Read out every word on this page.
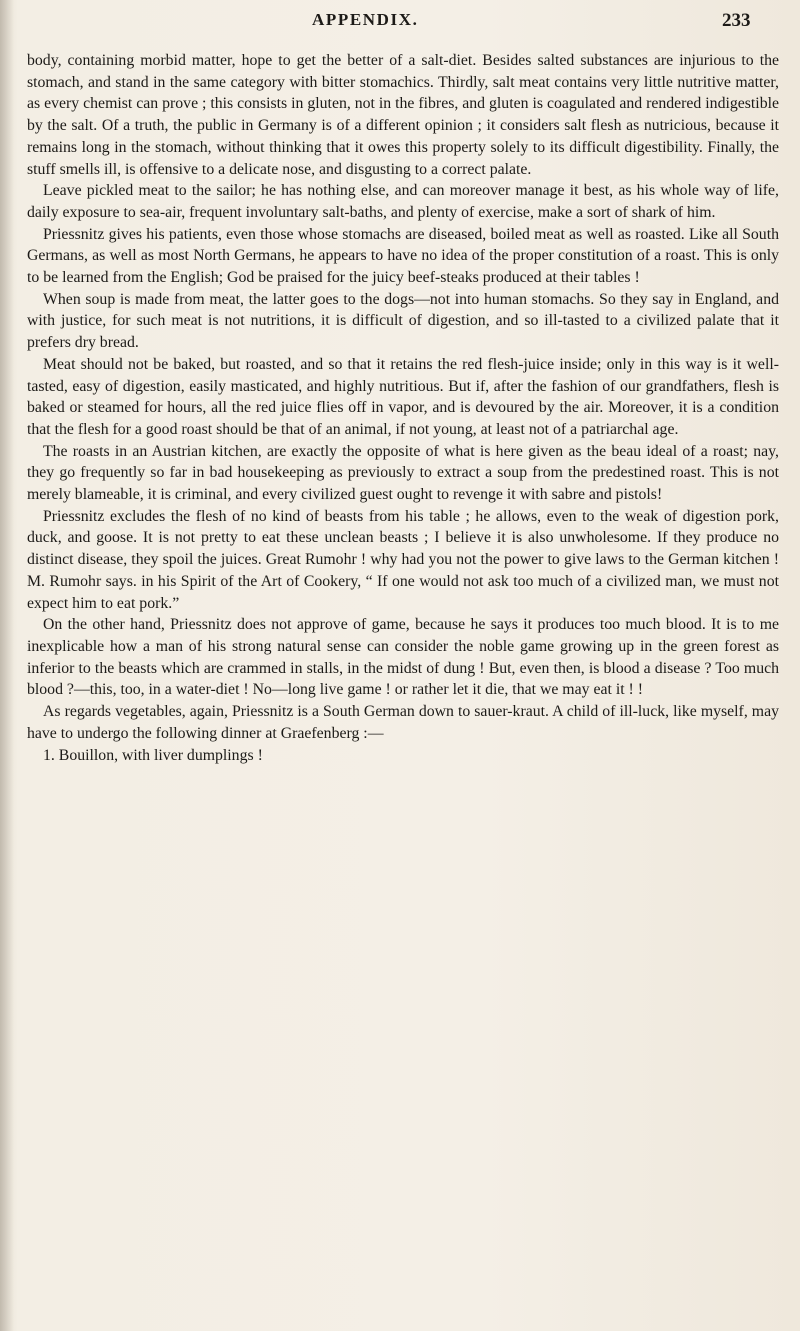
APPENDIX.	233

body, containing morbid matter, hope to get the better of a salt-diet. Besides salted substances are injurious to the stomach, and stand in the same category with bitter stomachics. Thirdly, salt meat contains very little nutritive matter, as every chemist can prove ; this consists in gluten, not in the fibres, and gluten is coagulated and rendered indigestible by the salt. Of a truth, the public in Germany is of a different opinion ; it considers salt flesh as nutricious, because it remains long in the stomach, without thinking that it owes this property solely to its difficult digestibility. Finally, the stuff smells ill, is offensive to a delicate nose, and disgusting to a correct palate.

Leave pickled meat to the sailor; he has nothing else, and can moreover manage it best, as his whole way of life, daily exposure to sea-air, frequent involuntary salt-baths, and plenty of exercise, make a sort of shark of him.

Priessnitz gives his patients, even those whose stomachs are diseased, boiled meat as well as roasted. Like all South Germans, as well as most North Germans, he appears to have no idea of the proper constitution of a roast. This is only to be learned from the English; God be praised for the juicy beef-steaks produced at their tables !

When soup is made from meat, the latter goes to the dogs—not into human stomachs. So they say in England, and with justice, for such meat is not nutritions, it is difficult of digestion, and so ill-tasted to a civilized palate that it prefers dry bread.

Meat should not be baked, but roasted, and so that it retains the red flesh-juice inside; only in this way is it well-tasted, easy of digestion, easily masticated, and highly nutritious. But if, after the fashion of our grandfathers, flesh is baked or steamed for hours, all the red juice flies off in vapor, and is devoured by the air. Moreover, it is a condition that the flesh for a good roast should be that of an animal, if not young, at least not of a patriarchal age.

The roasts in an Austrian kitchen, are exactly the opposite of what is here given as the beau ideal of a roast; nay, they go frequently so far in bad housekeeping as previously to extract a soup from the predestined roast. This is not merely blameable, it is criminal, and every civilized guest ought to revenge it with sabre and pistols!

Priessnitz excludes the flesh of no kind of beasts from his table ; he allows, even to the weak of digestion pork, duck, and goose. It is not pretty to eat these unclean beasts ; I believe it is also unwholesome. If they produce no distinct disease, they spoil the juices. Great Rumohr ! why had you not the power to give laws to the German kitchen ! M. Rumohr says. in his Spirit of the Art of Cookery, “ If one would not ask too much of a civilized man, we must not expect him to eat pork.”

On the other hand, Priessnitz does not approve of game, because he says it produces too much blood. It is to me inexplicable how a man of his strong natural sense can consider the noble game growing up in the green forest as inferior to the beasts which are crammed in stalls, in the midst of dung ! But, even then, is blood a disease ? Too much blood ?—this, too, in a water-diet ! No—long live game ! or rather let it die, that we may eat it ! !

As regards vegetables, again, Priessnitz is a South German down to sauer-kraut. A child of ill-luck, like myself, may have to undergo the following dinner at Graefenberg :—

1. Bouillon, with liver dumplings !
